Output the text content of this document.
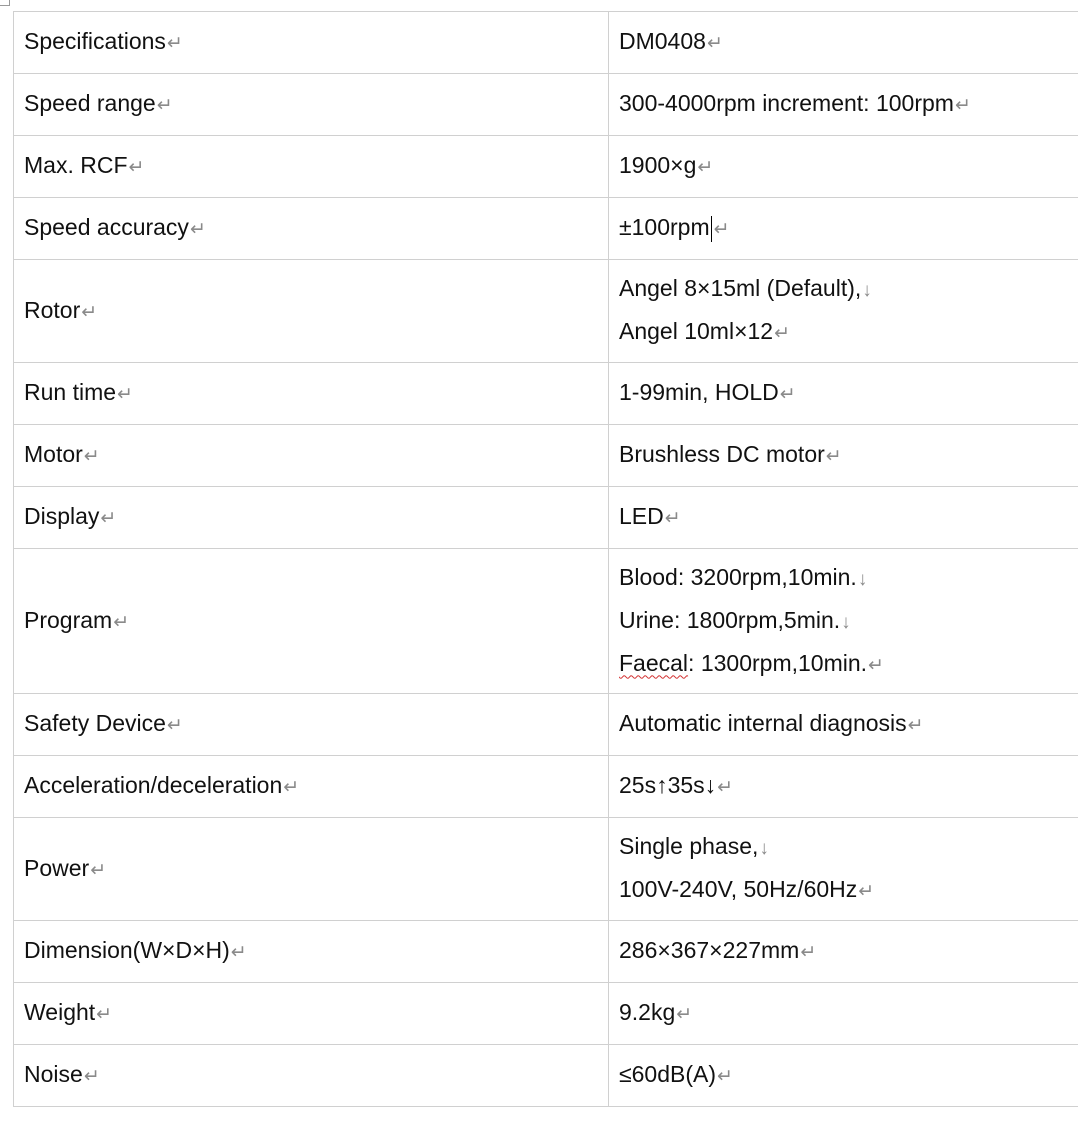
Specifications↵	DM0408↵
Speed range↵	300-4000rpm increment: 100rpm↵
Max. RCF↵	1900×g↵
Speed accuracy↵	±100rpm ↵
Rotor↵	Angel 8×15ml (Default),↓
Angel 10ml×12↵

Run time↵	1-99min, HOLD↵
Motor↵	Brushless DC motor↵
Display↵	LED↵
Program↵	Blood: 3200rpm,10min.↓
Urine: 1800rpm,5min.↓
Faecal: 1300rpm,10min.↵

Safety Device↵	Automatic internal diagnosis↵
Acceleration/deceleration↵	25s↑35s↓↵
Power↵	Single phase,↓
100V-240V, 50Hz/60Hz↵

Dimension(W×D×H)↵	286×367×227mm↵
Weight↵	9.2kg↵
Noise↵	≤60dB(A)↵
